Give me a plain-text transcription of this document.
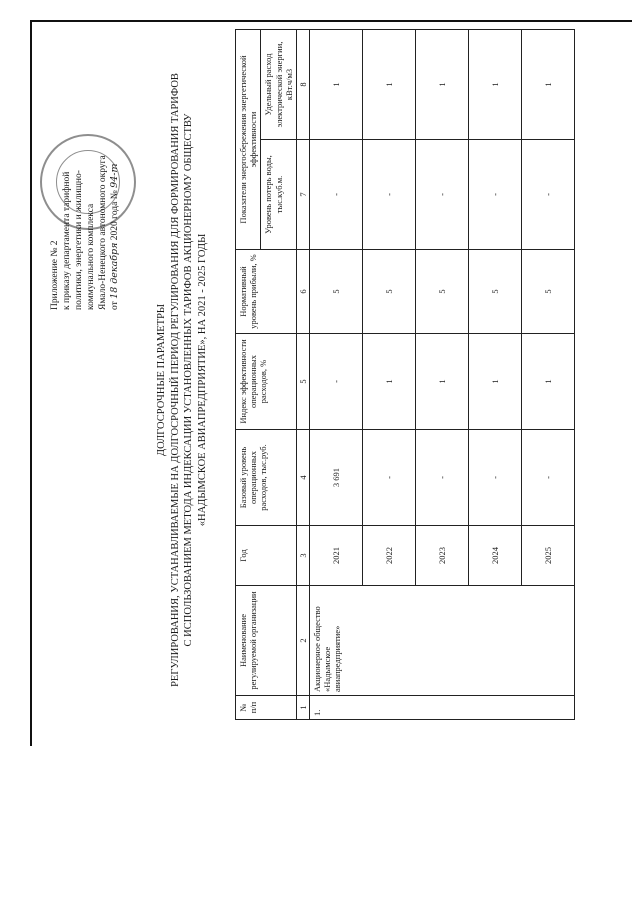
Приложение № 2 к приказу департамента тарифной политики, энергетики и жилищно- коммунального комплекса Ямало-Ненецкого автономного округа от 18 декабря 2020 года № 94-т
ДОЛГОСРОЧНЫЕ ПАРАМЕТРЫ РЕГУЛИРОВАНИЯ, УСТАНАВЛИВАЕМЫЕ НА ДОЛГОСРОЧНЫЙ ПЕРИОД РЕГУЛИРОВАНИЯ ДЛЯ ФОРМИРОВАНИЯ ТАРИФОВ С ИСПОЛЬЗОВАНИЕМ МЕТОДА ИНДЕКСАЦИИ УСТАНОВЛЕННЫХ ТАРИФОВ АКЦИОНЕРНОМУ ОБЩЕСТВУ «НАДЫМСКОЕ АВИАПРЕДПРИЯТИЕ», НА 2021 - 2025 ГОДЫ
№ п/п	Наименование регулируемой организации	Год	Базовый уровень операционных расходов, тыс.руб.	Индекс эффективности операционных расходов, %	Нормативный уровень прибыли, %	Показатели энергосбережения энергетической эффективности	
						Уровень потерь воды, тыс.куб.м.	Удельный расход электрической энергии, кВт.ч/м3
1	2	3	4	5	6	7	8
1.	Акционерное общество «Надымское авиапредприятие»	2021	3 691	-	5	-	1
		2022	-	1	5	-	1
		2023	-	1	5	-	1
		2024	-	1	5	-	1
		2025	-	1	5	-	1
